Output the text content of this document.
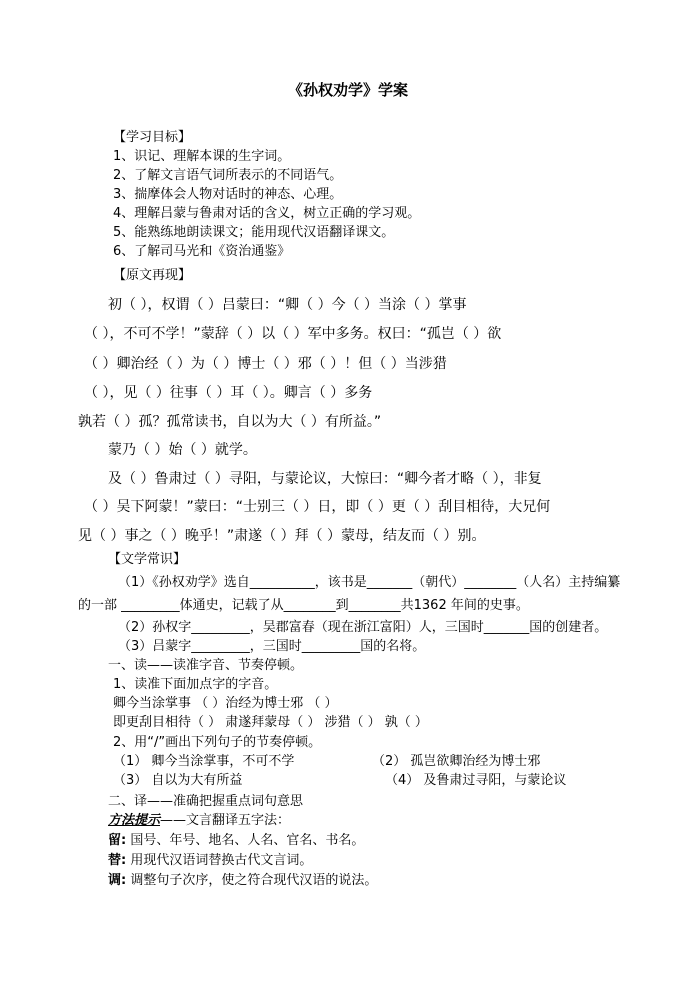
《孙权劝学》学案
【学习目标】
1、识记、理解本课的生字词。
2、了解文言语气词所表示的不同语气。
3、揣摩体会人物对话时的神态、心理。
4、理解吕蒙与鲁肃对话的含义，树立正确的学习观。
5、能熟练地朗读课文；能用现代汉语翻译课文。
6、了解司马光和《资治通鉴》
【原文再现】
初（ ），权谓（ ）吕蒙曰：“卿（ ）今（ ）当涂（ ）掌事
（ ），不可不学！”蒙辞（ ）以（ ）军中多务。权曰：“孤岂（ ）欲
（ ）卿治经（ ）为（ ）博士（ ）邪（ ）！但（ ）当涉猎
（ ），见（ ）往事（ ）耳（ ）。卿言（ ）多务
孰若（ ）孤？孤常读书，自以为大（ ）有所益。”
蒙乃（ ）始（ ）就学。
及（ ）鲁肃过（ ）寻阳，与蒙论议，大惊曰：“卿今者才略（ ），非复
（ ）吴下阿蒙！”蒙曰：“士别三（ ）日，即（ ）更（ ）刮目相待，大兄何
见（ ）事之（ ）晚乎！”肃遂（ ）拜（ ）蒙母，结友而（ ）别。
【文学常识】
（1）《孙权劝学》选自__________，该书是_______（朝代）________（人名）主持编纂
的一部 _________体通史，记载了从________到________共1362 年间的史事。
（2）孙权字_________，吴郡富春（现在浙江富阳）人，三国时_______国的创建者。
（3）吕蒙字_________，三国时_________国的名将。
一、读——读准字音、节奏停顿。
1、读准下面加点字的字音。
卿今当涂掌事 （ ）治经为博士邪 （ ）
即更刮目相待（ ） 肃遂拜蒙母（ ） 涉猎（ ） 孰（ ）
2、用“/”画出下列句子的节奏停顿。
（1） 卿今当涂掌事，不可不学	（2） 孤岂欲卿治经为博士邪
（3） 自以为大有所益	（4） 及鲁肃过寻阳，与蒙论议
二、译——准确把握重点词句意思
方法提示——文言翻译五字法：
留: 国号、年号、地名、人名、官名、书名。
替: 用现代汉语词替换古代文言词。
调: 调整句子次序，使之符合现代汉语的说法。
